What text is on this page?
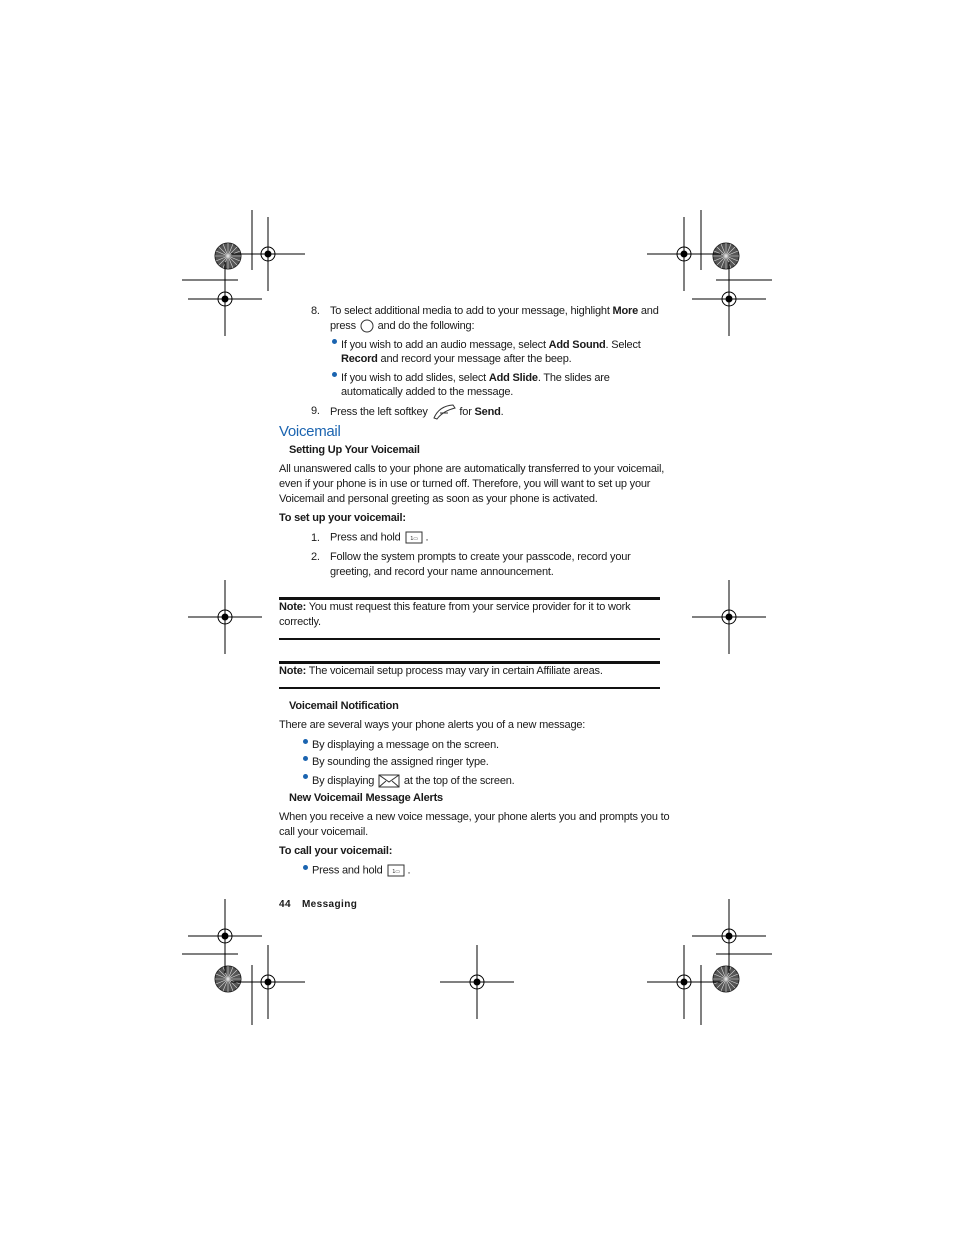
8. To select additional media to add to your message, highlight More and
press  and do the following:
If you wish to add an audio message, select Add Sound. Select
Record and record your message after the beep.
If you wish to add slides, select Add Slide. The slides are
automatically added to the message.
9. Press the left softkey  for Send.
Voicemail
Setting Up Your Voicemail
All unanswered calls to your phone are automatically transferred to your voicemail,
even if your phone is in use or turned off. Therefore, you will want to set up your
Voicemail and personal greeting as soon as your phone is activated.
To set up your voicemail:
1. Press and hold 1▭ .
2. Follow the system prompts to create your passcode, record your
greeting, and record your name announcement.
Note: You must request this feature from your service provider for it to work
correctly.
Note: The voicemail setup process may vary in certain Affiliate areas.
Voicemail Notification
There are several ways your phone alerts you of a new message:
By displaying a message on the screen.
By sounding the assigned ringer type.
By displaying  at the top of the screen.
New Voicemail Message Alerts
When you receive a new voice message, your phone alerts you and prompts you to
call your voicemail.
To call your voicemail:
Press and hold 1▭ .
44 Messaging
